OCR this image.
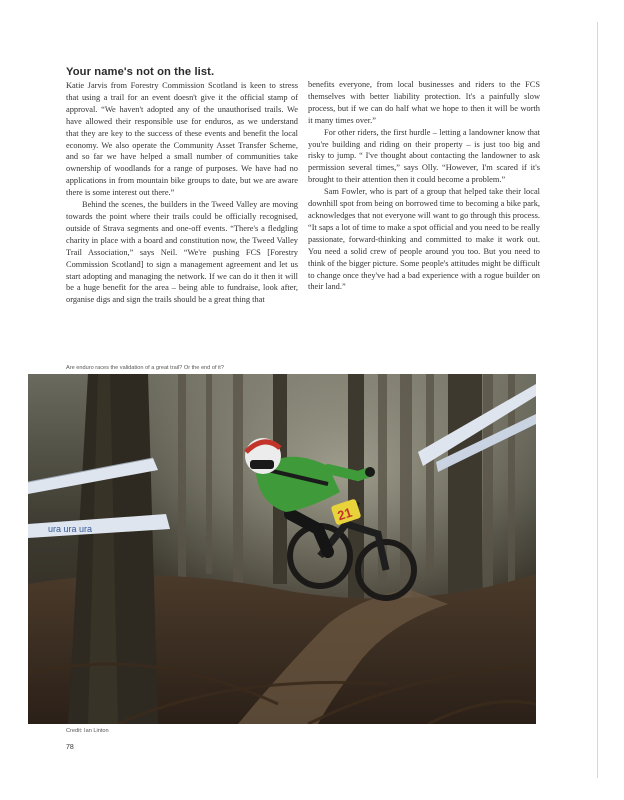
Your name's not on the list.

Katie Jarvis from Forestry Commission Scotland is keen to stress that using a trail for an event doesn't give it the official stamp of approval. “We haven't adopted any of the unauthorised trails. We have allowed their responsible use for enduros, as we understand that they are key to the success of these events and benefit the local economy. We also operate the Community Asset Transfer Scheme, and so far we have helped a small number of communities take ownership of woodlands for a range of purposes. We have had no applications in from mountain bike groups to date, but we are aware there is some interest out there.”

Behind the scenes, the builders in the Tweed Valley are moving towards the point where their trails could be officially recognised, outside of Strava segments and one-off events. “There's a fledgling charity in place with a board and constitution now, the Tweed Valley Trail Association,” says Neil. “We're pushing FCS [Forestry Commission Scotland] to sign a management agreement and let us start adopting and managing the network. If we can do it then it will be a huge benefit for the area – being able to fundraise, look after, organise digs and sign the trails should be a great thing that

benefits everyone, from local businesses and riders to the FCS themselves with better liability protection. It's a painfully slow process, but if we can do half what we hope to then it will be worth it many times over.”

For other riders, the first hurdle – letting a landowner know that you're building and riding on their property – is just too big and risky to jump. “ I've thought about contacting the landowner to ask permission several times,” says Olly. “However, I'm scared if it's brought to their attention then it could become a problem.”

Sam Fowler, who is part of a group that helped take their local downhill spot from being on borrowed time to becoming a bike park, acknowledges that not everyone will want to go through this process. “It saps a lot of time to make a spot official and you need to be really passionate, forward-thinking and committed to make it work out. You need a solid crew of people around you too. But you need to think of the bigger picture. Some people's attitudes might be difficult to change once they've had a bad experience with a rogue builder on their land.”

Are enduro races the validation of a great trail? Or the end of it?

ura ura ura
21

Credit: Ian Linton

78
